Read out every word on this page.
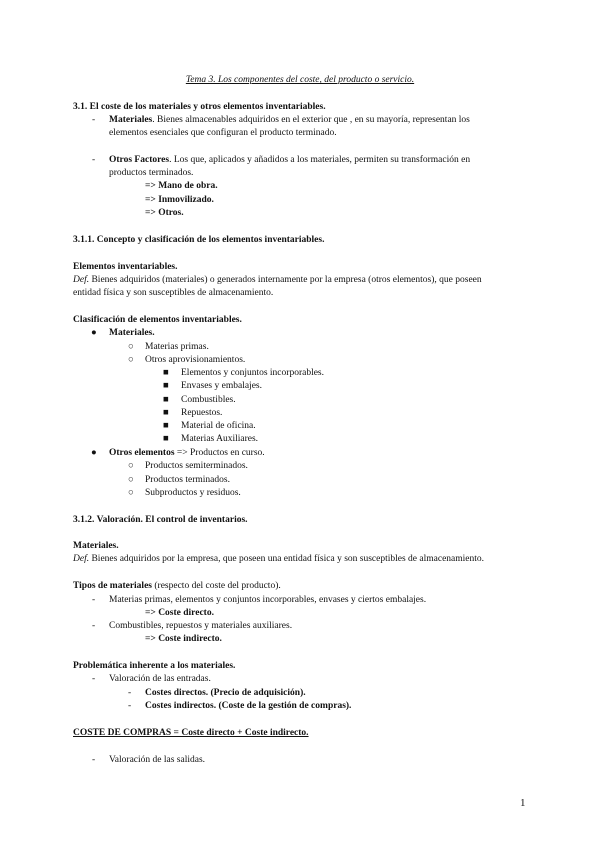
Tema 3. Los componentes del coste, del producto o servicio.
3.1. El coste de los materiales y otros elementos inventariables.
- Materiales. Bienes almacenables adquiridos en el exterior que , en su mayoría, representan los
elementos esenciales que configuran el producto terminado.
- Otros Factores. Los que, aplicados y añadidos a los materiales, permiten su transformación en
productos terminados.
=> Mano de obra.
=> Inmovilizado.
=> Otros.
3.1.1. Concepto y clasificación de los elementos inventariables.
Elementos inventariables.
Def. Bienes adquiridos (materiales) o generados internamente por la empresa (otros elementos), que poseen
entidad física y son susceptibles de almacenamiento.
Clasificación de elementos inventariables.
● Materiales.
○ Materias primas.
○ Otros aprovisionamientos.
■ Elementos y conjuntos incorporables.
■ Envases y embalajes.
■ Combustibles.
■ Repuestos.
■ Material de oficina.
■ Materias Auxiliares.
● Otros elementos => Productos en curso.
○ Productos semiterminados.
○ Productos terminados.
○ Subproductos y residuos.
3.1.2. Valoración. El control de inventarios.
Materiales.
Def. Bienes adquiridos por la empresa, que poseen una entidad física y son susceptibles de almacenamiento.
Tipos de materiales (respecto del coste del producto).
- Materias primas, elementos y conjuntos incorporables, envases y ciertos embalajes.
=> Coste directo.
- Combustibles, repuestos y materiales auxiliares.
=> Coste indirecto.
Problemática inherente a los materiales.
- Valoración de las entradas.
- Costes directos. (Precio de adquisición).
- Costes indirectos. (Coste de la gestión de compras).
COSTE DE COMPRAS = Coste directo + Coste indirecto.
- Valoración de las salidas.
1
